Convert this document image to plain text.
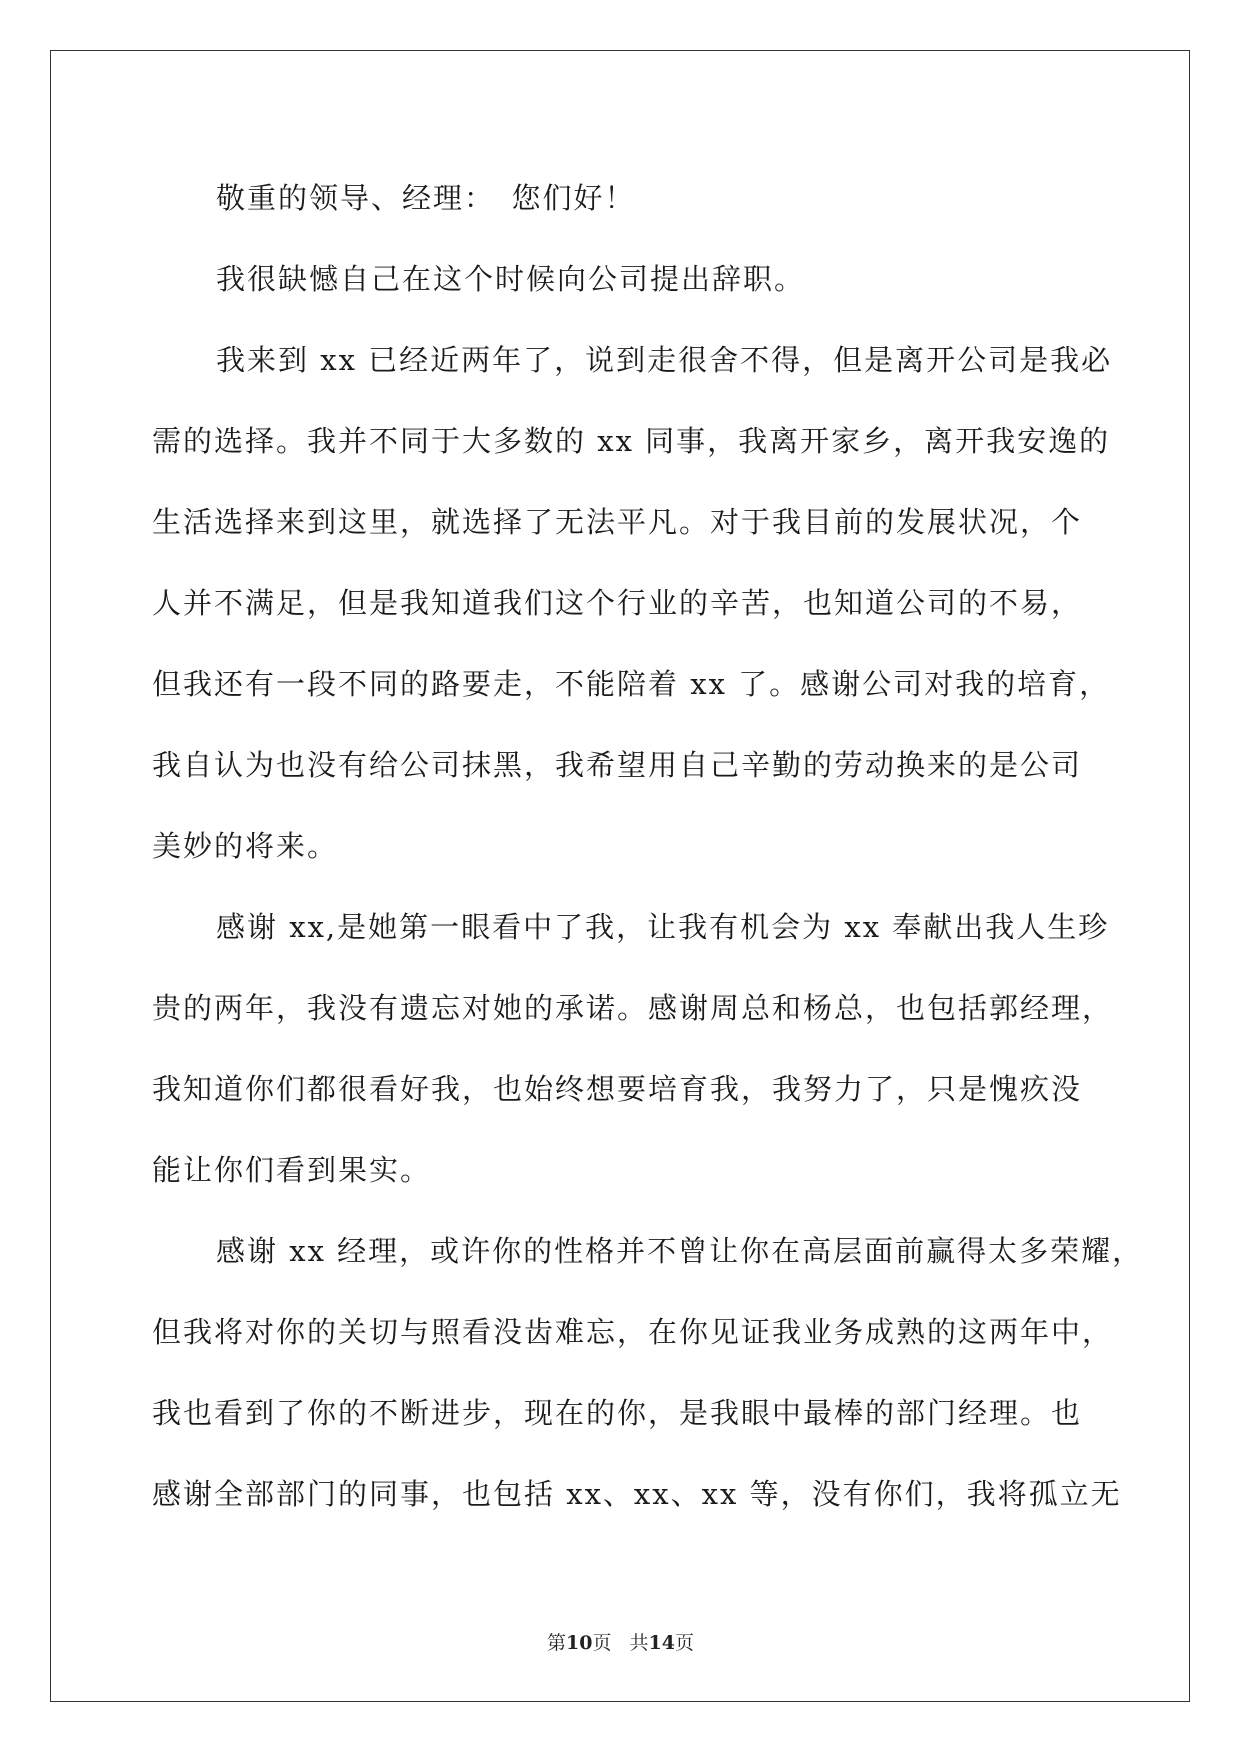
敬重的领导、经理：　您们好！
我很缺憾自己在这个时候向公司提出辞职。
我来到 xx 已经近两年了，说到走很舍不得，但是离开公司是我必
需的选择。我并不同于大多数的 xx 同事，我离开家乡，离开我安逸的
生活选择来到这里，就选择了无法平凡。对于我目前的发展状况，个
人并不满足，但是我知道我们这个行业的辛苦，也知道公司的不易，
但我还有一段不同的路要走，不能陪着 xx 了。感谢公司对我的培育，
我自认为也没有给公司抹黑，我希望用自己辛勤的劳动换来的是公司
美妙的将来。
感谢 xx,是她第一眼看中了我，让我有机会为 xx 奉献出我人生珍
贵的两年，我没有遗忘对她的承诺。感谢周总和杨总，也包括郭经理，
我知道你们都很看好我，也始终想要培育我，我努力了，只是愧疚没
能让你们看到果实。
感谢 xx 经理，或许你的性格并不曾让你在高层面前赢得太多荣耀，
但我将对你的关切与照看没齿难忘，在你见证我业务成熟的这两年中，
我也看到了你的不断进步，现在的你，是我眼中最棒的部门经理。也
感谢全部部门的同事，也包括 xx、xx、xx 等，没有你们，我将孤立无
第10页 共14页
